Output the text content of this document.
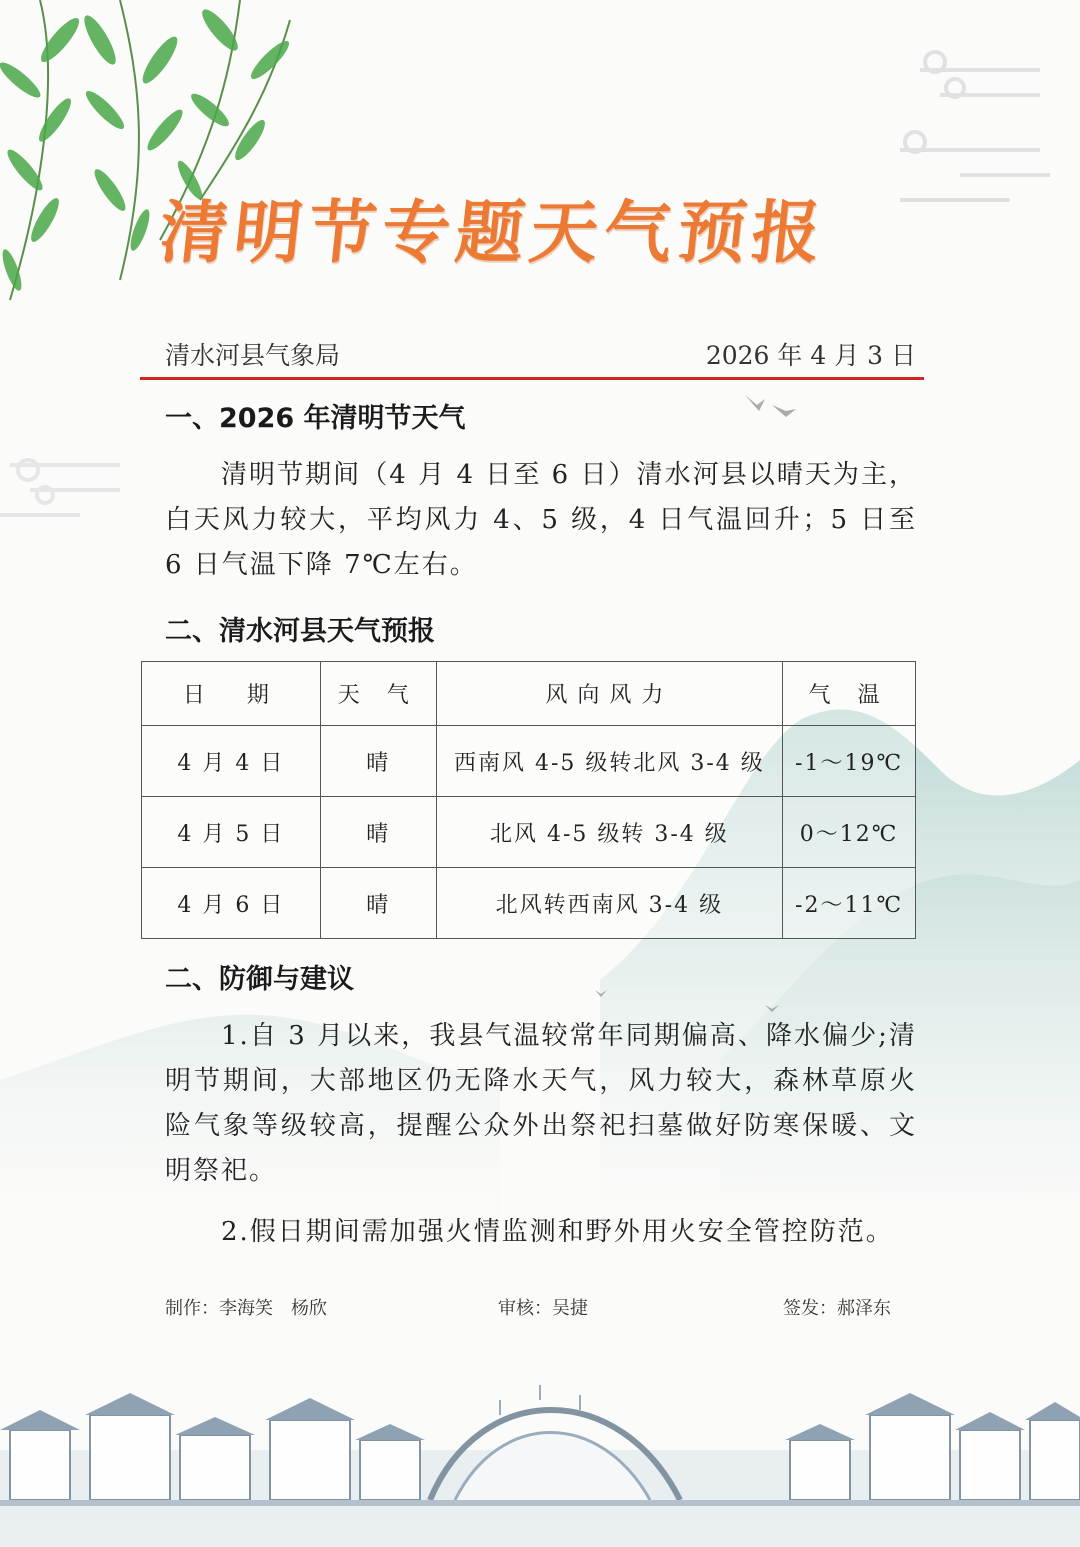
清明节专题天气预报
清水河县气象局	2026 年 4 月 3 日
一、2026 年清明节天气

清明节期间（4 月 4 日至 6 日）清水河县以晴天为主，白天风力较大，平均风力 4、5 级，4 日气温回升；5 日至 6 日气温下降 7℃左右。

二、清水河县天气预报
日　期	天 气	风向风力	气 温
4 月 4 日	晴	西南风 4-5 级转北风 3-4 级	-1～19℃
4 月 5 日	晴	北风 4-5 级转 3-4 级	0～12℃
4 月 6 日	晴	北风转西南风 3-4 级	-2～11℃
二、防御与建议

1.自 3 月以来，我县气温较常年同期偏高、降水偏少;清明节期间，大部地区仍无降水天气，风力较大，森林草原火险气象等级较高，提醒公众外出祭祀扫墓做好防寒保暖、文明祭祀。

2.假日期间需加强火情监测和野外用火安全管控防范。

制作：李海笑　杨欣	审核：吴捷	签发：郝泽东
